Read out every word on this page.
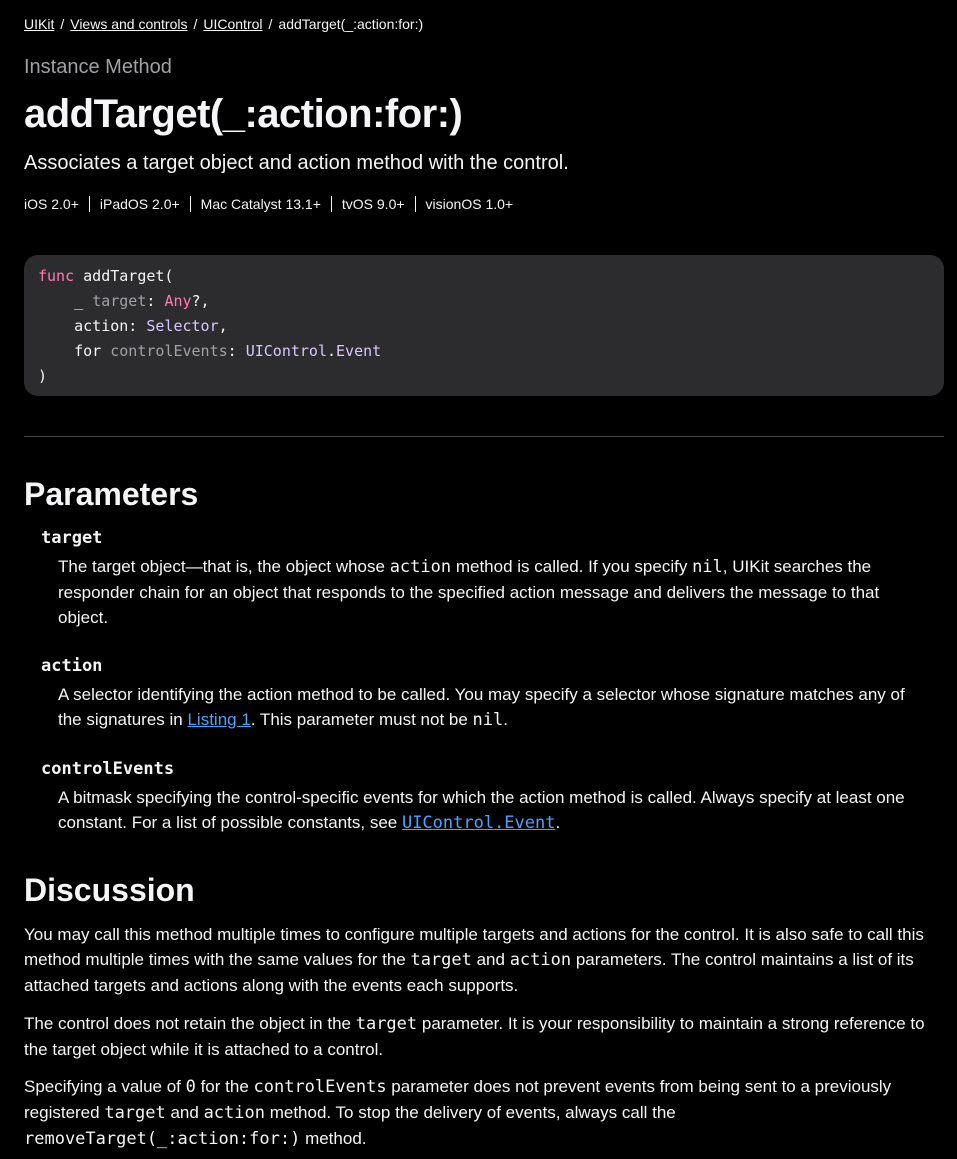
UIKit / Views and controls / UIControl / addTarget(_:action:for:)
Instance Method
addTarget(_:action:for:)
Associates a target object and action method with the control.
iOS 2.0+	iPadOS 2.0+	Mac Catalyst 13.1+	tvOS 9.0+	visionOS 1.0+
func addTarget(
_ target: Any?,
action: Selector,
for controlEvents: UIControl.Event
)
Parameters
target
The target object—that is, the object whose action method is called. If you specify nil, UIKit searches the responder chain for an object that responds to the specified action message and delivers the message to that object.
action
A selector identifying the action method to be called. You may specify a selector whose signature matches any of the signatures in Listing 1. This parameter must not be nil.
controlEvents
A bitmask specifying the control-specific events for which the action method is called. Always specify at least one constant. For a list of possible constants, see UIControl.Event.
Discussion

You may call this method multiple times to configure multiple targets and actions for the control. It is also safe to call this method multiple times with the same values for the target and action parameters. The control maintains a list of its attached targets and actions along with the events each supports.

The control does not retain the object in the target parameter. It is your responsibility to maintain a strong reference to the target object while it is attached to a control.

Specifying a value of 0 for the controlEvents parameter does not prevent events from being sent to a previously registered target and action method. To stop the delivery of events, always call the removeTarget(_:action:for:) method.
